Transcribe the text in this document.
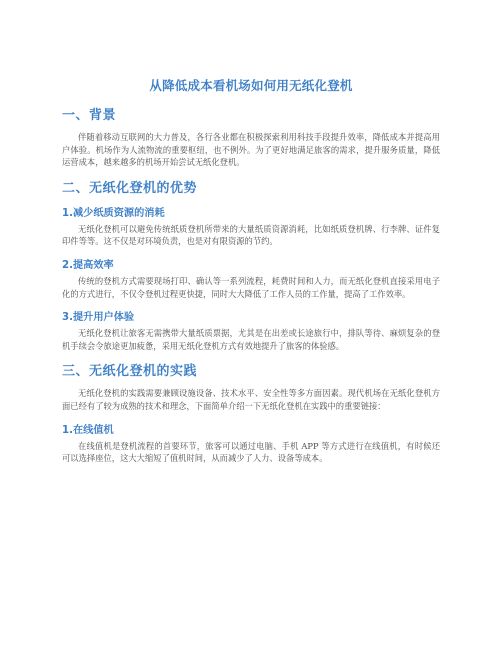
从降低成本看机场如何用无纸化登机
一、背景

伴随着移动互联网的大力普及，各行各业都在积极探索利用科技手段提升效率，降低成本并提高用户体验。机场作为人流物流的重要枢纽，也不例外。为了更好地满足旅客的需求，提升服务质量，降低运营成本，越来越多的机场开始尝试无纸化登机。

二、无纸化登机的优势
1.减少纸质资源的消耗

无纸化登机可以避免传统纸质登机所带来的大量纸质资源消耗，比如纸质登机牌、行李牌、证件复印件等等。这不仅是对环境负责，也是对有限资源的节约。

2.提高效率

传统的登机方式需要现场打印、确认等一系列流程，耗费时间和人力，而无纸化登机直接采用电子化的方式进行，不仅令登机过程更快捷，同时大大降低了工作人员的工作量，提高了工作效率。

3.提升用户体验

无纸化登机让旅客无需携带大量纸质票据，尤其是在出差或长途旅行中，排队等待、麻烦复杂的登机手续会令旅途更加疲惫，采用无纸化登机方式有效地提升了旅客的体验感。

三、无纸化登机的实践

无纸化登机的实践需要兼顾设施设备、技术水平、安全性等多方面因素。现代机场在无纸化登机方面已经有了较为成熟的技术和理念，下面简单介绍一下无纸化登机在实践中的重要链接：

1.在线值机

在线值机是登机流程的首要环节，旅客可以通过电脑、手机 APP 等方式进行在线值机，有时候还可以选择座位，这大大缩短了值机时间，从而减少了人力、设备等成本。
